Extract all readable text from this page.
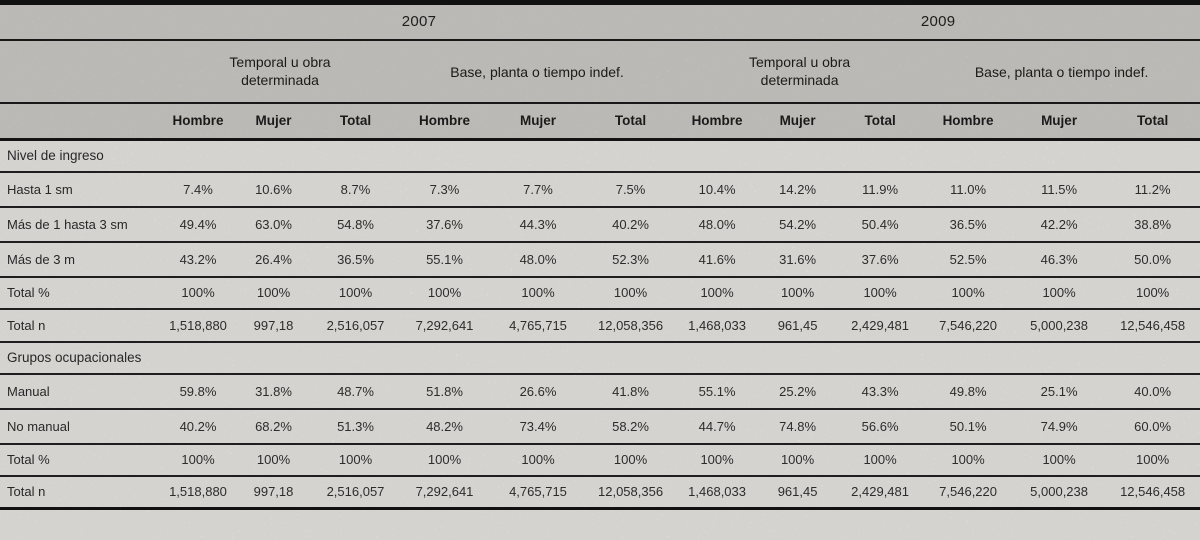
	2007						2009					
	Temporal u obra determinada			Base, planta o tiempo indef.			Temporal u obra determinada			Base, planta o tiempo indef.		
	Hombre	Mujer	Total	Hombre	Mujer	Total	Hombre	Mujer	Total	Hombre	Mujer	Total
Nivel de ingreso												
Hasta 1 sm	7.4%	10.6%	8.7%	7.3%	7.7%	7.5%	10.4%	14.2%	11.9%	11.0%	11.5%	11.2%
Más de 1 hasta 3 sm	49.4%	63.0%	54.8%	37.6%	44.3%	40.2%	48.0%	54.2%	50.4%	36.5%	42.2%	38.8%
Más de 3 m	43.2%	26.4%	36.5%	55.1%	48.0%	52.3%	41.6%	31.6%	37.6%	52.5%	46.3%	50.0%
Total %	100%	100%	100%	100%	100%	100%	100%	100%	100%	100%	100%	100%
Total n	1,518,880	997,18	2,516,057	7,292,641	4,765,715	12,058,356	1,468,033	961,45	2,429,481	7,546,220	5,000,238	12,546,458
Grupos ocupacionales												
Manual	59.8%	31.8%	48.7%	51.8%	26.6%	41.8%	55.1%	25.2%	43.3%	49.8%	25.1%	40.0%
No manual	40.2%	68.2%	51.3%	48.2%	73.4%	58.2%	44.7%	74.8%	56.6%	50.1%	74.9%	60.0%
Total %	100%	100%	100%	100%	100%	100%	100%	100%	100%	100%	100%	100%
Total n	1,518,880	997,18	2,516,057	7,292,641	4,765,715	12,058,356	1,468,033	961,45	2,429,481	7,546,220	5,000,238	12,546,458
